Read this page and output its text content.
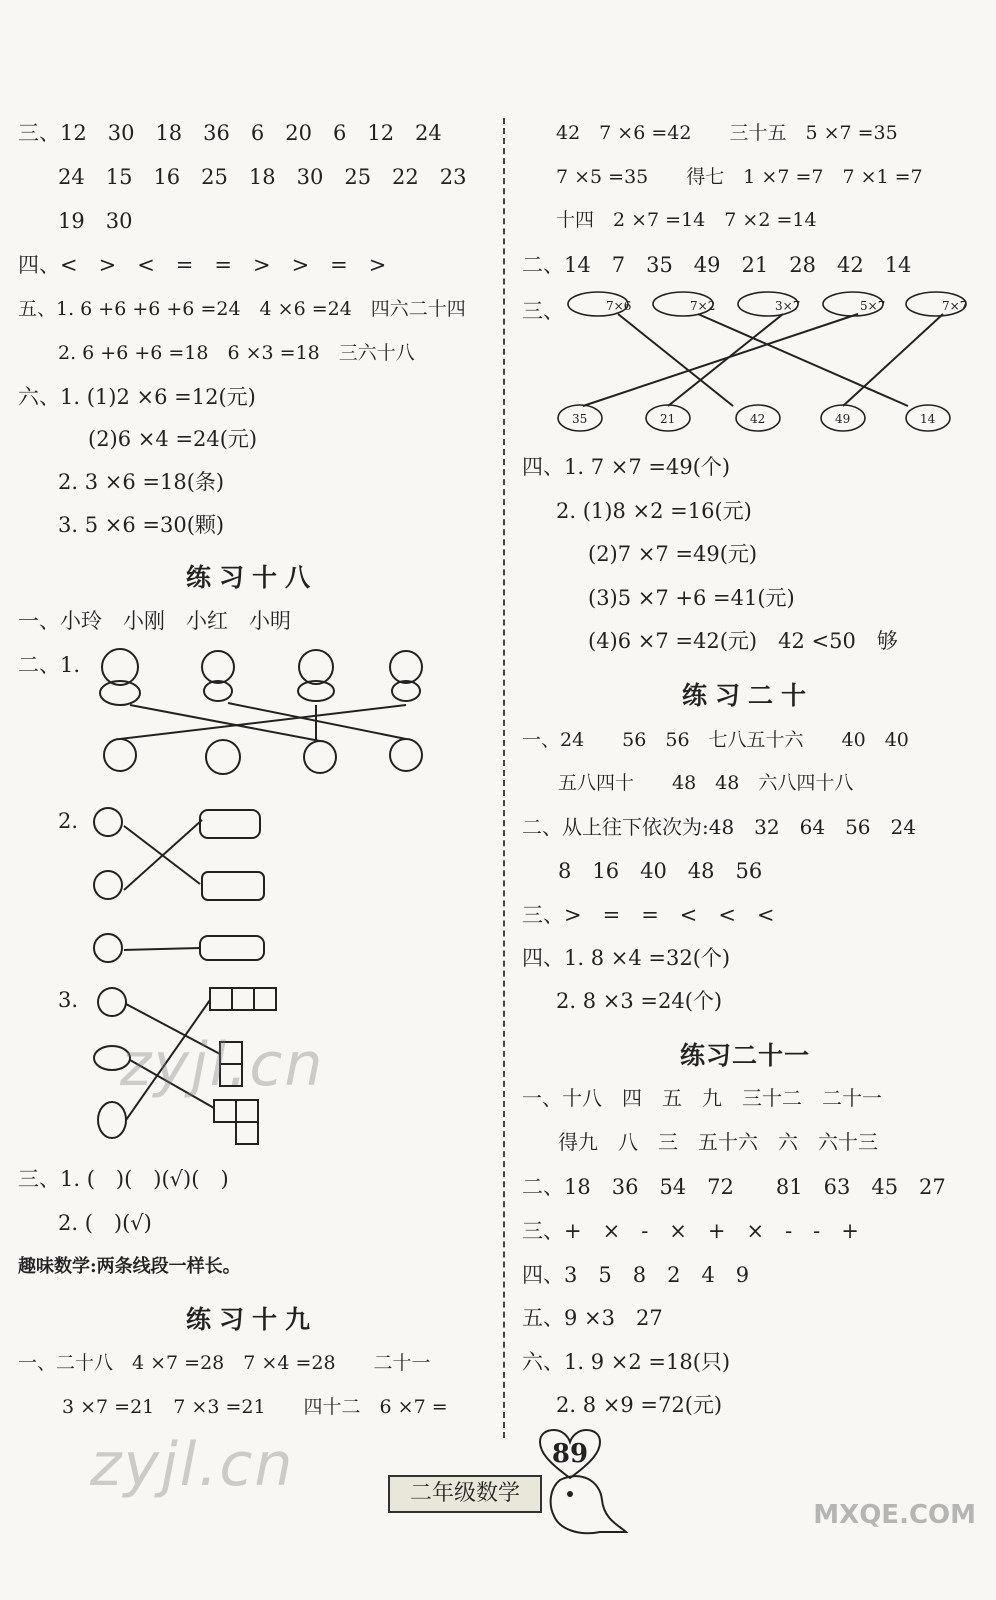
三、12　30　18　36　6　20　6　12　24
24　15　16　25　18　30　25　22　23
19　30
四、<　>　<　=　=　>　>　=　>
五、1. 6 +6 +6 +6 =24　4 ×6 =24　四六二十四
2. 6 +6 +6 =18　6 ×3 =18　三六十八
六、1. (1)2 ×6 =12(元)
(2)6 ×4 =24(元)
2. 3 ×6 =18(条)
3. 5 ×6 =30(颗)
练习十八
一、小玲　小刚　小红　小明
二、1.
2.
3.
三、1. (　)(　)(√)(　)
2. (　)(√)
趣味数学:两条线段一样长。
练习十九
一、二十八　4 ×7 =28　7 ×4 =28　　二十一
3 ×7 =21　7 ×3 =21　　四十二　6 ×7 =
42　7 ×6 =42　　三十五　5 ×7 =35
7 ×5 =35　　得七　1 ×7 =7　7 ×1 =7
十四　2 ×7 =14　7 ×2 =14
二、14　7　35　49　21　28　42　14
三、	7×6	7×2	3×7	5×7	7×7
35	21	42	49	14
四、1. 7 ×7 =49(个)
2. (1)8 ×2 =16(元)
(2)7 ×7 =49(元)
(3)5 ×7 +6 =41(元)
(4)6 ×7 =42(元)　42 <50　够
练习二十
一、24　　56　56　七八五十六　　40　40
五八四十　　48　48　六八四十八
二、从上往下依次为:48　32　64　56　24
8　16　40　48　56
三、>　=　=　<　<　<
四、1. 8 ×4 =32(个)
2. 8 ×3 =24(个)
练习二十一
一、十八　四　五　九　三十二　二十一
得九　八　三　五十六　六　六十三
二、18　36　54　72　　81　63　45　27
三、+　×　-　×　+　×　-　-　+
四、3　5　8　2　4　9
五、9 ×3　27
六、1. 9 ×2 =18(只)
2. 8 ×9 =72(元)
zyjl.cn
zyjl.cn	89
二年级数学
MXQE.COM
